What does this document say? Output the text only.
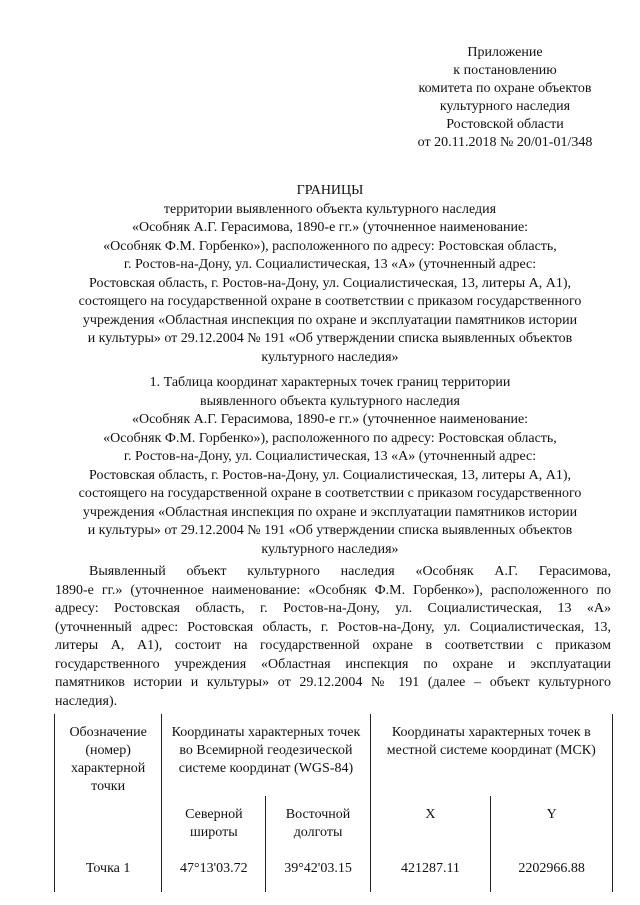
Приложение
к постановлению
комитета по охране объектов
культурного наследия
Ростовской области
от 20.11.2018 № 20/01-01/348
ГРАНИЦЫ
территории выявленного объекта культурного наследия
«Особняк А.Г. Герасимова, 1890-е гг.» (уточненное наименование:
«Особняк Ф.М. Горбенко»), расположенного по адресу: Ростовская область,
г. Ростов-на-Дону, ул. Социалистическая, 13 «А» (уточненный адрес:
Ростовская область, г. Ростов-на-Дону, ул. Социалистическая, 13, литеры А, А1),
состоящего на государственной охране в соответствии с приказом государственного
учреждения «Областная инспекция по охране и эксплуатации памятников истории
и культуры» от 29.12.2004 № 191 «Об утверждении списка выявленных объектов
культурного наследия»
1. Таблица координат характерных точек границ территории
выявленного объекта культурного наследия
«Особняк А.Г. Герасимова, 1890-е гг.» (уточненное наименование:
«Особняк Ф.М. Горбенко»), расположенного по адресу: Ростовская область,
г. Ростов-на-Дону, ул. Социалистическая, 13 «А» (уточненный адрес:
Ростовская область, г. Ростов-на-Дону, ул. Социалистическая, 13, литеры А, А1),
состоящего на государственной охране в соответствии с приказом государственного
учреждения «Областная инспекция по охране и эксплуатации памятников истории
и культуры» от 29.12.2004 № 191 «Об утверждении списка выявленных объектов
культурного наследия»
Выявленный объект культурного наследия «Особняк А.Г. Герасимова,
1890-е гг.» (уточненное наименование: «Особняк Ф.М. Горбенко»), расположенного по
адресу: Ростовская область, г. Ростов-на-Дону, ул. Социалистическая, 13 «А»
(уточненный адрес: Ростовская область, г. Ростов-на-Дону, ул. Социалистическая, 13,
литеры А, А1), состоит на государственной охране в соответствии с приказом
государственного учреждения «Областная инспекция по охране и эксплуатации
памятников истории и культуры» от 29.12.2004 № 191 (далее – объект культурного
наследия).
Обозначение (номер) характерной точки	Координаты характерных точек во Всемирной геодезической системе координат (WGS-84)		Координаты характерных точек в местной системе координат (МСК)	
	Северной широты	Восточной долготы	X	Y
Точка 1	47°13'03.72	39°42'03.15	421287.11	2202966.88
